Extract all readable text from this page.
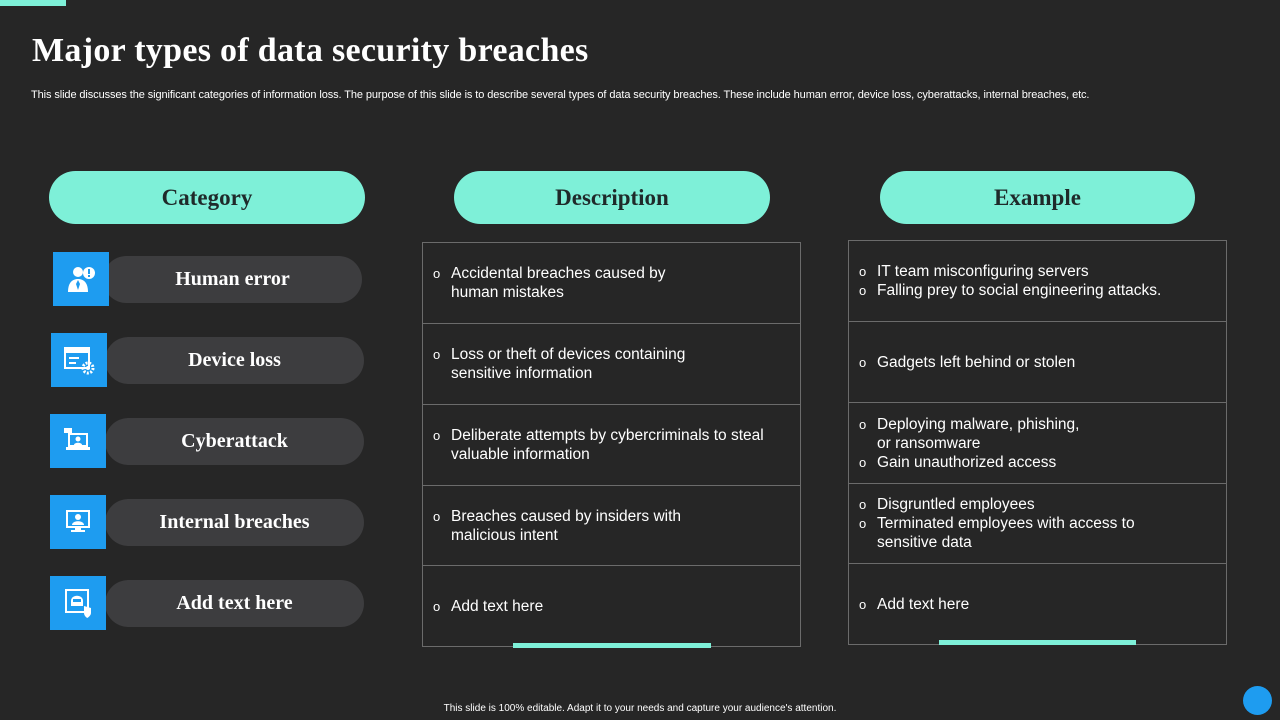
Major types of data security breaches

This slide discusses the significant categories of information loss. The purpose of this slide is to describe several types of data security breaches. These include human error, device loss, cyberattacks, internal breaches, etc.

Category	Description	Example
Human error
Device loss
Cyberattack
Internal breaches
Add text here
o Accidental breaches caused by
human mistakes
o Loss or theft of devices containing
sensitive information
o Deliberate attempts by cybercriminals to steal
valuable information
o Breaches caused by insiders with
malicious intent
o Add text here
o IT team misconfiguring servers
o Falling prey to social engineering attacks.
o Gadgets left behind or stolen
o Deploying malware, phishing,
or ransomware
o Gain unauthorized access
o Disgruntled employees
o Terminated employees with access to
sensitive data
o Add text here
This slide is 100% editable. Adapt it to your needs and capture your audience's attention.
